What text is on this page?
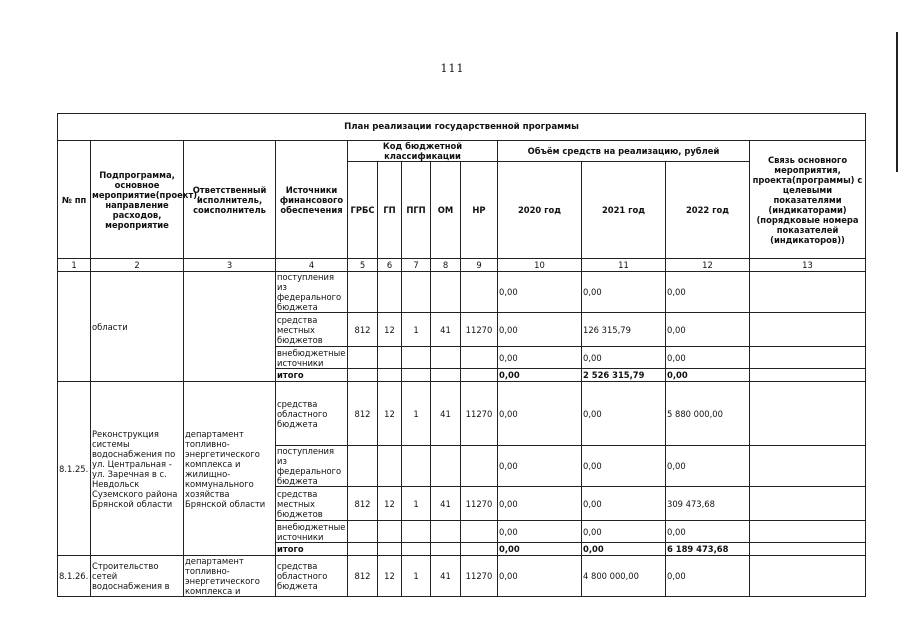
111
План реализации государственной программы												
№ пп	Подпрограмма, основное мероприятие(проект), направление расходов, мероприятие	Ответственный исполнитель, соисполнитель	Источники финансового обеспечения	Код бюджетной классификации					Объём средств на реализацию, рублей			Связь основного мероприятия, проекта(программы) с целевыми показателями (индикаторами) (порядковые номера показателей (индикаторов))
				ГРБС	ГП	ПГП	ОМ	НР	2020 год	2021 год	2022 год	
1	2	3	4	5	6	7	8	9	10	11	12	13
	области		поступления из федерального бюджета						0,00	0,00	0,00	
			средства местных бюджетов	812	12	1	41	11270	0,00	126 315,79	0,00	
			внебюджетные источники						0,00	0,00	0,00	
			итого						0,00	2 526 315,79	0,00	
8.1.25.	Реконструкция системы водоснабжения по ул. Центральная - ул. Заречная в с. Невдольск Суземского района Брянской области	департамент топливно-энергетического комплекса и жилищно-коммунального хозяйства Брянской области	средства областного бюджета	812	12	1	41	11270	0,00	0,00	5 880 000,00	
			поступления из федерального бюджета						0,00	0,00	0,00	
			средства местных бюджетов	812	12	1	41	11270	0,00	0,00	309 473,68	
			внебюджетные источники						0,00	0,00	0,00	
			итого						0,00	0,00	6 189 473,68	
8.1.26.	Строительство сетей водоснабжения в	департамент топливно-энергетического комплекса и	средства областного бюджета	812	12	1	41	11270	0,00	4 800 000,00	0,00	
